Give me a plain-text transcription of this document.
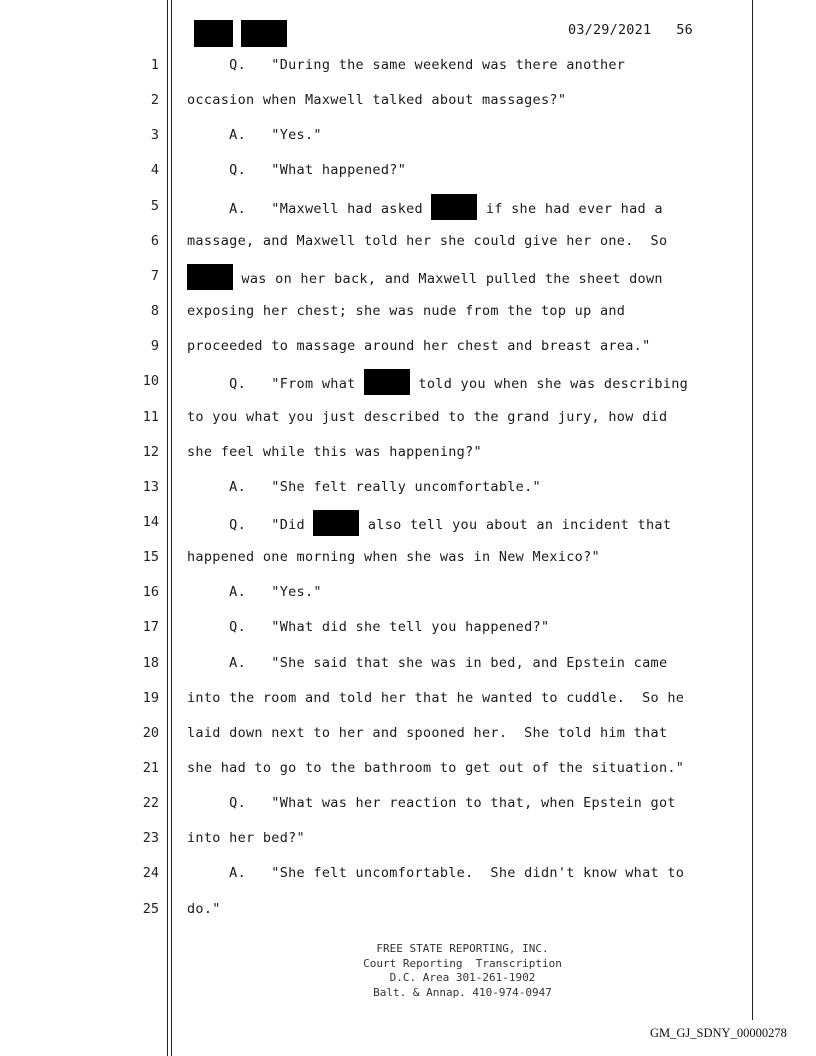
03/29/2021   56
1 Q.   "During the same weekend was there another
2 occasion when Maxwell talked about massages?"
3 A.   "Yes."
4 Q.   "What happened?"
5 A.   "Maxwell had asked	if she had ever had a
6 massage, and Maxwell told her she could give her one.  So
7	was on her back, and Maxwell pulled the sheet down
8 exposing her chest; she was nude from the top up and
9 proceeded to massage around her chest and breast area."
10 Q.   "From what	told you when she was describing
11 to you what you just described to the grand jury, how did
12 she feel while this was happening?"
13 A.   "She felt really uncomfortable."
14 Q.   "Did	also tell you about an incident that
15 happened one morning when she was in New Mexico?"
16 A.   "Yes."
17 Q.   "What did she tell you happened?"
18 A.   "She said that she was in bed, and Epstein came
19 into the room and told her that he wanted to cuddle.  So he
20 laid down next to her and spooned her.  She told him that
21 she had to go to the bathroom to get out of the situation."
22 Q.   "What was her reaction to that, when Epstein got
23 into her bed?"
24 A.   "She felt uncomfortable.  She didn't know what to
25 do."
FREE STATE REPORTING, INC.
Court Reporting  Transcription
D.C. Area 301-261-1902
Balt. & Annap. 410-974-0947
GM_GJ_SDNY_00000278
